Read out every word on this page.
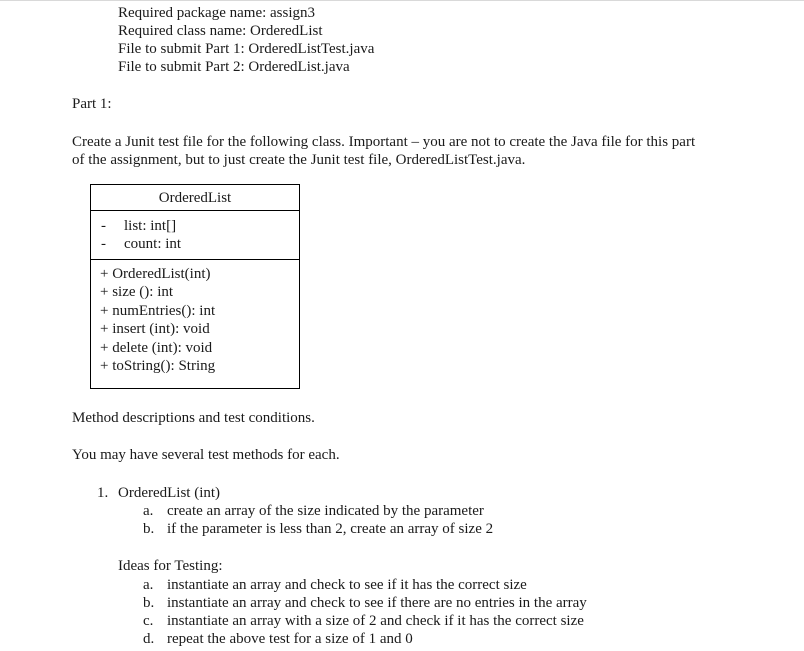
Required package name: assign3
Required class name: OrderedList
File to submit Part 1: OrderedListTest.java
File to submit Part 2: OrderedList.java
Part 1:
Create a Junit test file for the following class. Important – you are not to create the Java file for this part
of the assignment, but to just create the Junit test file, OrderedListTest.java.
OrderedList
- list: int[]
- count: int
+ OrderedList(int)
+ size (): int
+ numEntries(): int
+ insert (int): void
+ delete (int): void
+ toString(): String
Method descriptions and test conditions.
You may have several test methods for each.
1. OrderedList (int)
a. create an array of the size indicated by the parameter
b. if the parameter is less than 2, create an array of size 2
Ideas for Testing:
a. instantiate an array and check to see if it has the correct size
b. instantiate an array and check to see if there are no entries in the array
c. instantiate an array with a size of 2 and check if it has the correct size
d. repeat the above test for a size of 1 and 0
